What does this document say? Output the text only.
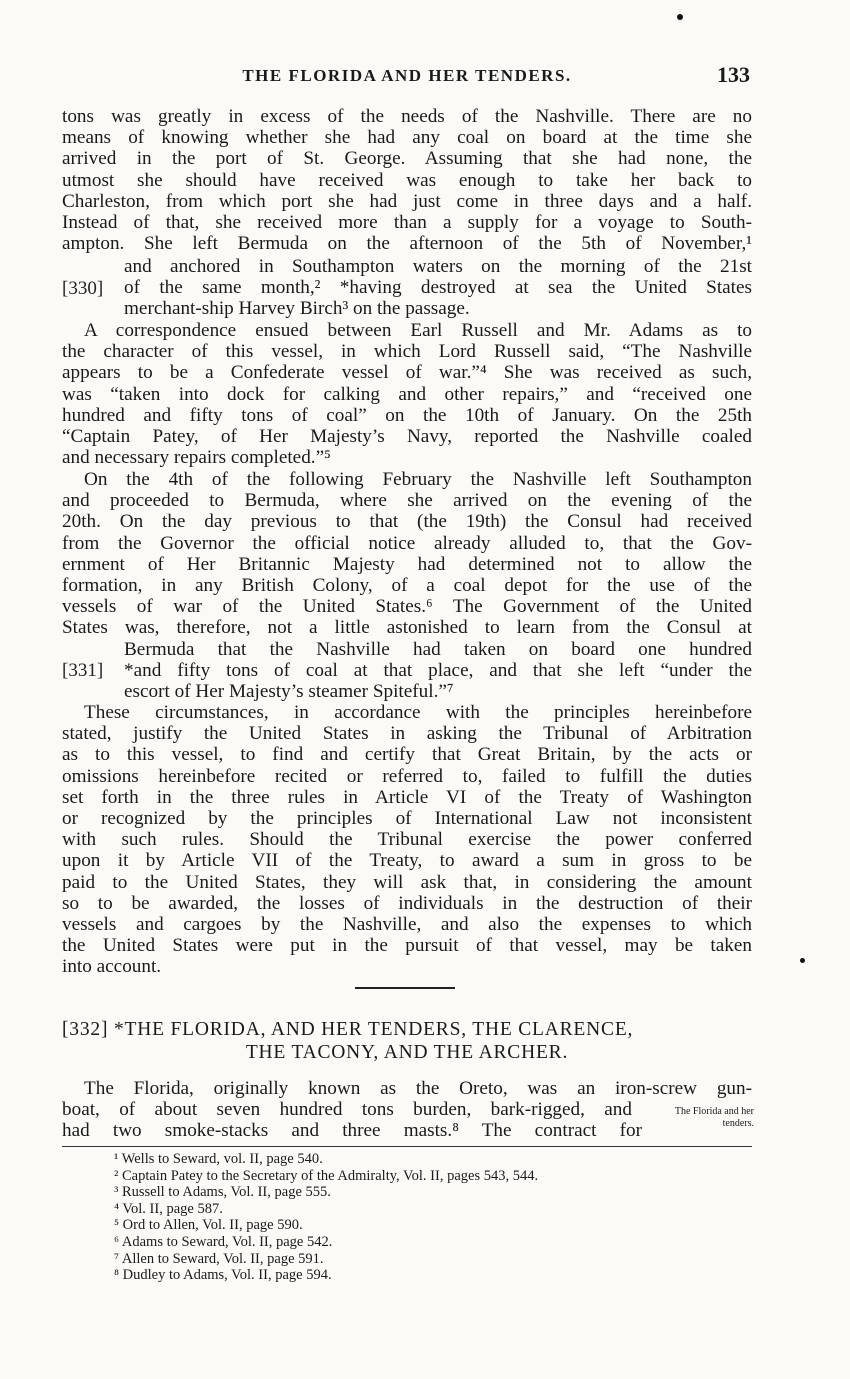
THE FLORIDA AND HER TENDERS.	133
tons was greatly in excess of the needs of the Nashville. There are no
means of knowing whether she had any coal on board at the time she
arrived in the port of St. George. Assuming that she had none, the
utmost she should have received was enough to take her back to
Charleston, from which port she had just come in three days and a half.
Instead of that, she received more than a supply for a voyage to South-
ampton. She left Bermuda on the afternoon of the 5th of November,¹
and anchored in Southampton waters on the morning of the 21st
of the same month,² *having destroyed at sea the United States
merchant-ship Harvey Birch³ on the passage.
[330]
A correspondence ensued between Earl Russell and Mr. Adams as to
the character of this vessel, in which Lord Russell said, “The Nashville
appears to be a Confederate vessel of war.”⁴ She was received as such,
was “taken into dock for calking and other repairs,” and “received one
hundred and fifty tons of coal” on the 10th of January. On the 25th
“Captain Patey, of Her Majesty’s Navy, reported the Nashville coaled
and necessary repairs completed.”⁵
On the 4th of the following February the Nashville left Southampton
and proceeded to Bermuda, where she arrived on the evening of the
20th. On the day previous to that (the 19th) the Consul had received
from the Governor the official notice already alluded to, that the Gov-
ernment of Her Britannic Majesty had determined not to allow the
formation, in any British Colony, of a coal depot for the use of the
vessels of war of the United States.⁶ The Government of the United
States was, therefore, not a little astonished to learn from the Consul at
Bermuda that the Nashville had taken on board one hundred
*and fifty tons of coal at that place, and that she left “under the
escort of Her Majesty’s steamer Spiteful.”⁷
[331]
These circumstances, in accordance with the principles hereinbefore
stated, justify the United States in asking the Tribunal of Arbitration
as to this vessel, to find and certify that Great Britain, by the acts or
omissions hereinbefore recited or referred to, failed to fulfill the duties
set forth in the three rules in Article VI of the Treaty of Washington
or recognized by the principles of International Law not inconsistent
with such rules. Should the Tribunal exercise the power conferred
upon it by Article VII of the Treaty, to award a sum in gross to be
paid to the United States, they will ask that, in considering the amount
so to be awarded, the losses of individuals in the destruction of their
vessels and cargoes by the Nashville, and also the expenses to which
the United States were put in the pursuit of that vessel, may be taken
into account.
[332] *THE FLORIDA, AND HER TENDERS, THE CLARENCE,
THE TACONY, AND THE ARCHER.
The Florida, originally known as the Oreto, was an iron-screw gun-
boat, of about seven hundred tons burden, bark-rigged, and
had two smoke-stacks and three masts.⁸ The contract for
The Florida and her tenders.
¹ Wells to Seward, vol. II, page 540.
² Captain Patey to the Secretary of the Admiralty, Vol. II, pages 543, 544.
³ Russell to Adams, Vol. II, page 555.
⁴ Vol. II, page 587.
⁵ Ord to Allen, Vol. II, page 590.
⁶ Adams to Seward, Vol. II, page 542.
⁷ Allen to Seward, Vol. II, page 591.
⁸ Dudley to Adams, Vol. II, page 594.
